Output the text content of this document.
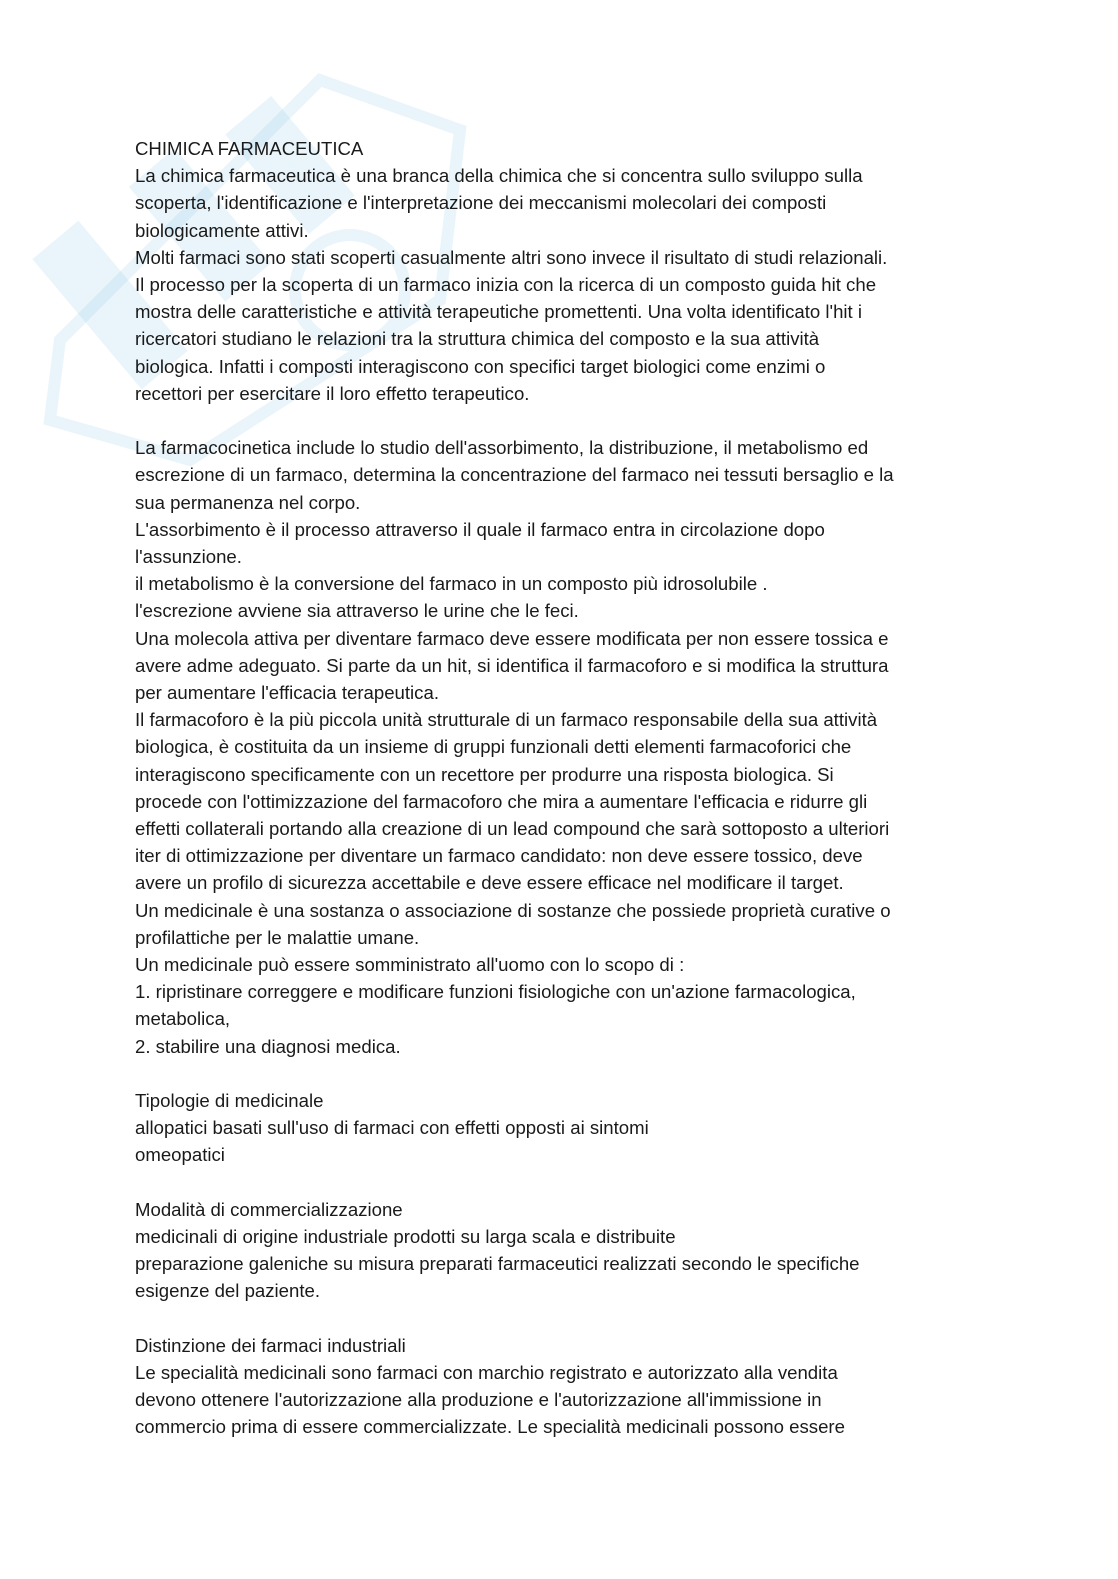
CHIMICA FARMACEUTICA
La chimica farmaceutica è una branca della chimica che si concentra sullo sviluppo sulla
scoperta, l'identificazione e l'interpretazione dei meccanismi molecolari dei composti
biologicamente attivi.
Molti farmaci sono stati scoperti casualmente altri sono invece il risultato di studi relazionali.
Il processo per la scoperta di un farmaco inizia con la ricerca di un composto guida hit che
mostra delle caratteristiche e attività terapeutiche promettenti. Una volta identificato l'hit i
ricercatori studiano le relazioni tra la struttura chimica del composto e la sua attività
biologica. Infatti i composti interagiscono con specifici target biologici come enzimi o
recettori per esercitare il loro effetto terapeutico.
La farmacocinetica include lo studio dell'assorbimento, la distribuzione, il metabolismo ed
escrezione di un farmaco, determina la concentrazione del farmaco nei tessuti bersaglio e la
sua permanenza nel corpo.
L'assorbimento è il processo attraverso il quale il farmaco entra in circolazione dopo
l'assunzione.
il metabolismo è la conversione del farmaco in un composto più idrosolubile .
l'escrezione avviene sia attraverso le urine che le feci.
Una molecola attiva per diventare farmaco deve essere modificata per non essere tossica e
avere adme adeguato. Si parte da un hit, si identifica il farmacoforo e si modifica la struttura
per aumentare l'efficacia terapeutica.
Il farmacoforo è la più piccola unità strutturale di un farmaco responsabile della sua attività
biologica, è costituita da un insieme di gruppi funzionali detti elementi farmacoforici che
interagiscono specificamente con un recettore per produrre una risposta biologica. Si
procede con l'ottimizzazione del farmacoforo che mira a aumentare l'efficacia e ridurre gli
effetti collaterali portando alla creazione di un lead compound che sarà sottoposto a ulteriori
iter di ottimizzazione per diventare un farmaco candidato: non deve essere tossico, deve
avere un profilo di sicurezza accettabile e deve essere efficace nel modificare il target.
Un medicinale è una sostanza o associazione di sostanze che possiede proprietà curative o
profilattiche per le malattie umane.
Un medicinale può essere somministrato all'uomo con lo scopo di :
1. ripristinare correggere e modificare funzioni fisiologiche con un'azione farmacologica,
metabolica,
2. stabilire una diagnosi medica.
Tipologie di medicinale
allopatici basati sull'uso di farmaci con effetti opposti ai sintomi
omeopatici
Modalità di commercializzazione
medicinali di origine industriale prodotti su larga scala e distribuite
preparazione galeniche su misura preparati farmaceutici realizzati secondo le specifiche
esigenze del paziente.
Distinzione dei farmaci industriali
Le specialità medicinali sono farmaci con marchio registrato e autorizzato alla vendita
devono ottenere l'autorizzazione alla produzione e l'autorizzazione all'immissione in
commercio prima di essere commercializzate. Le specialità medicinali possono essere
